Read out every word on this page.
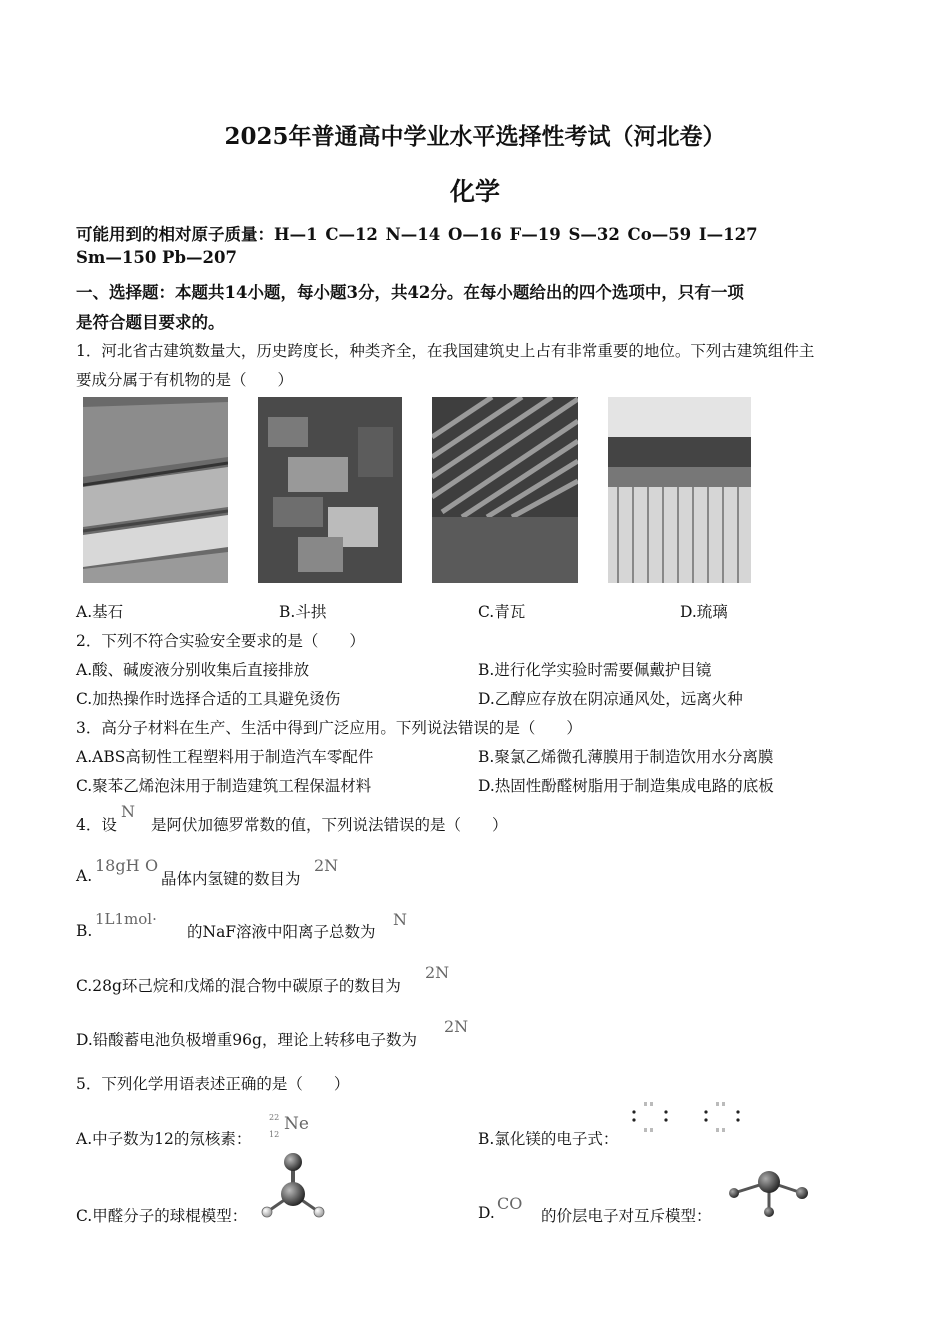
2025年普通高中学业水平选择性考试（河北卷）
化学
可能用到的相对原子质量：H—1 C—12 N—14 O—16 F—19 S—32 Co—59 I—127
Sm—150 Pb—207
一、选择题：本题共14小题，每小题3分，共42分。在每小题给出的四个选项中，只有一项
是符合题目要求的。
1．河北省古建筑数量大，历史跨度长，种类齐全，在我国建筑史上占有非常重要的地位。下列古建筑组件主
要成分属于有机物的是（　　）
A.基石	B.斗拱	C.青瓦	D.琉璃
2．下列不符合实验安全要求的是（　　）
A.酸、碱废液分别收集后直接排放	B.进行化学实验时需要佩戴护目镜
C.加热操作时选择合适的工具避免烫伤	D.乙醇应存放在阴凉通风处，远离火种
3．高分子材料在生产、生活中得到广泛应用。下列说法错误的是（　　）
A.ABS高韧性工程塑料用于制造汽车零配件	B.聚氯乙烯微孔薄膜用于制造饮用水分离膜
C.聚苯乙烯泡沫用于制造建筑工程保温材料	D.热固性酚醛树脂用于制造集成电路的底板
4．设
N
是阿伏加德罗常数的值，下列说法错误的是（　　）
A.
18gH O
晶体内氢键的数目为
2N
B.
1L1mol·
的NaF溶液中阳离子总数为
N
C.28g环己烷和戊烯的混合物中碳原子的数目为
2N
D.铅酸蓄电池负极增重96g，理论上转移电子数为
2N
5．下列化学用语表述正确的是（　　）
A.中子数为12的氖核素：
22
12
Ne
B.氯化镁的电子式：
C.甲醛分子的球棍模型：	D. CO
的价层电子对互斥模型：
